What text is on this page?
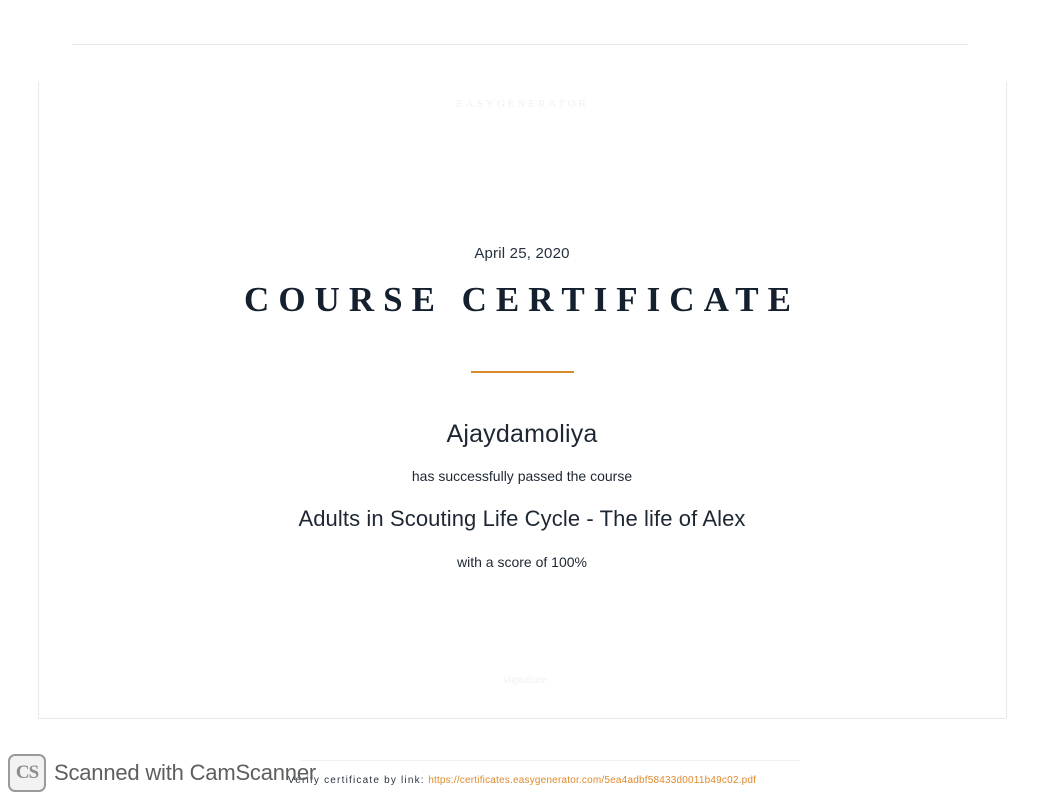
EASYGENERATOR
April 25, 2020
COURSE CERTIFICATE
Ajaydamoliya
has successfully passed the course
Adults in Scouting Life Cycle - The life of Alex
with a score of 100%
signature
Verify certificate by link: https://certificates.easygenerator.com/5ea4adbf58433d0011b49c02.pdf
CS Scanned with CamScanner
